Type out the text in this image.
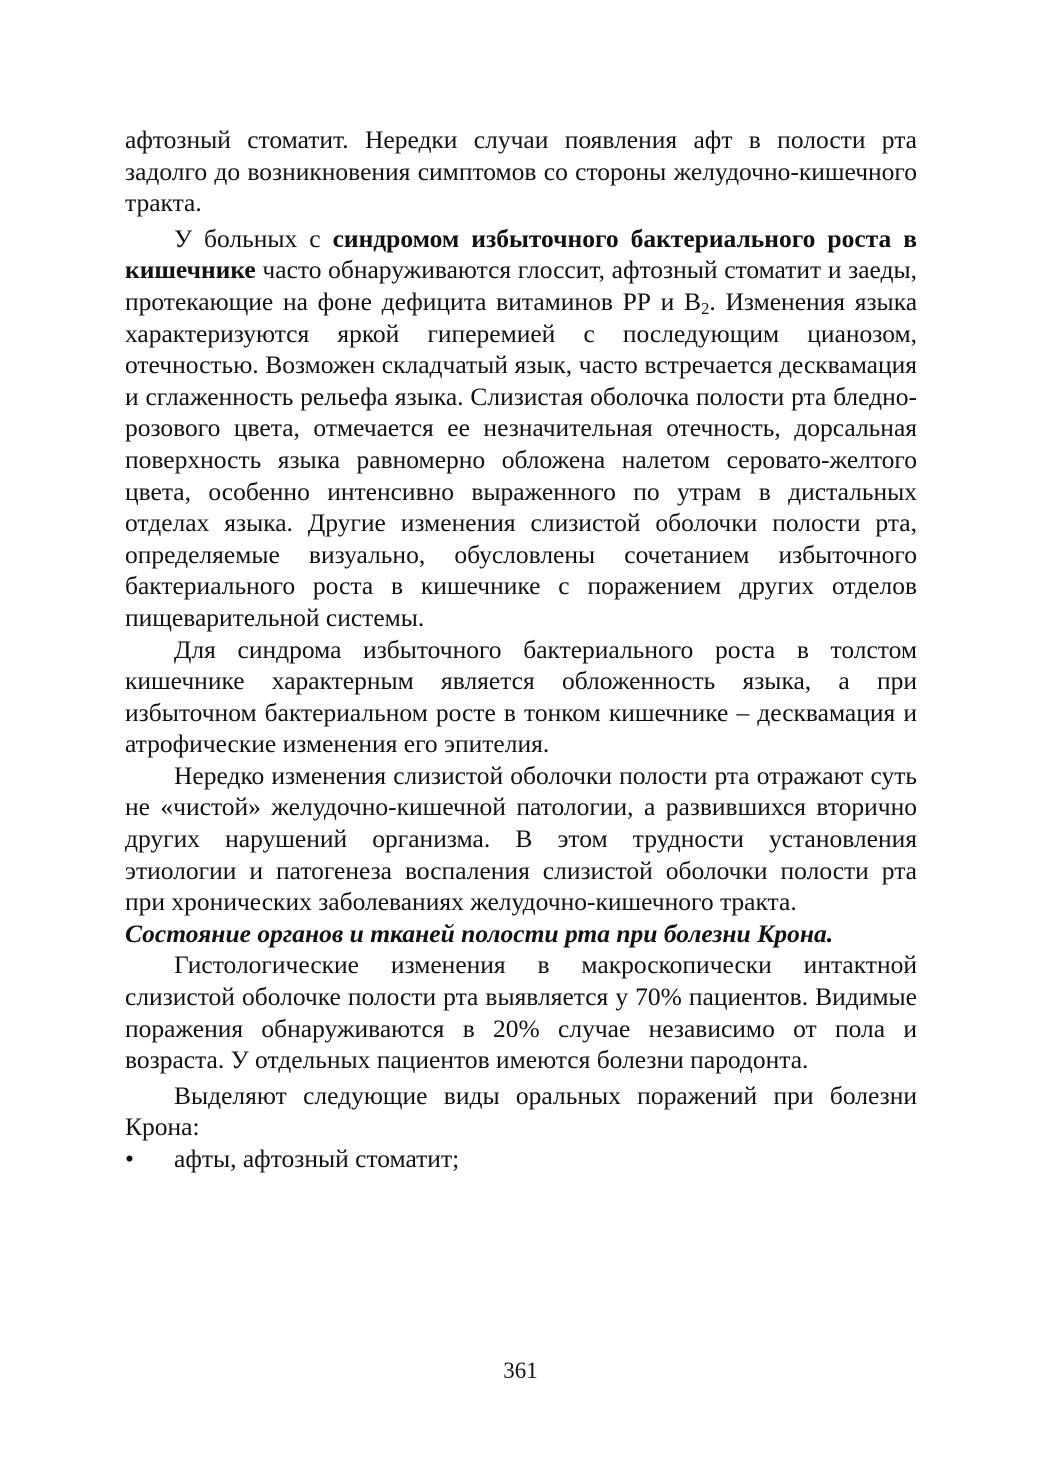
афтозный стоматит. Нередки случаи появления афт в полости рта задолго до возникновения симптомов со стороны желудочно-кишечного тракта.

У больных с синдромом избыточного бактериального роста в кишечнике часто обнаруживаются глоссит, афтозный стоматит и заеды, протекающие на фоне дефицита витаминов РР и $В_2$. Изменения языка характеризуются яркой гиперемией с последующим цианозом, отечностью. Возможен складчатый язык, часто встречается десквамация и сглаженность рельефа языка. Слизистая оболочка полости рта бледно-розового цвета, отмечается ее незначительная отечность, дорсальная поверхность языка равномерно обложена налетом серовато-желтого цвета, особенно интенсивно выраженного по утрам в дистальных отделах языка. Другие изменения слизистой оболочки полости рта, определяемые визуально, обусловлены сочетанием избыточного бактериального роста в кишечнике с поражением других отделов пищеварительной системы.

Для синдрома избыточного бактериального роста в толстом кишечнике характерным является обложенность языка, а при избыточном бактериальном росте в тонком кишечнике – десквамация и атрофические изменения его эпителия.

Нередко изменения слизистой оболочки полости рта отражают суть не «чистой» желудочно-кишечной патологии, а развившихся вторично других нарушений организма. В этом трудности установления этиологии и патогенеза воспаления слизистой оболочки полости рта при хронических заболеваниях желудочно-кишечного тракта.

Состояние органов и тканей полости рта при болезни Крона.

Гистологические изменения в макроскопически интактной слизистой оболочке полости рта выявляется у 70% пациентов. Видимые поражения обнаруживаются в 20% случае независимо от пола и возраста. У отдельных пациентов имеются болезни пародонта.

Выделяют следующие виды оральных поражений при болезни Крона:

•	афты, афтозный стоматит;
361
